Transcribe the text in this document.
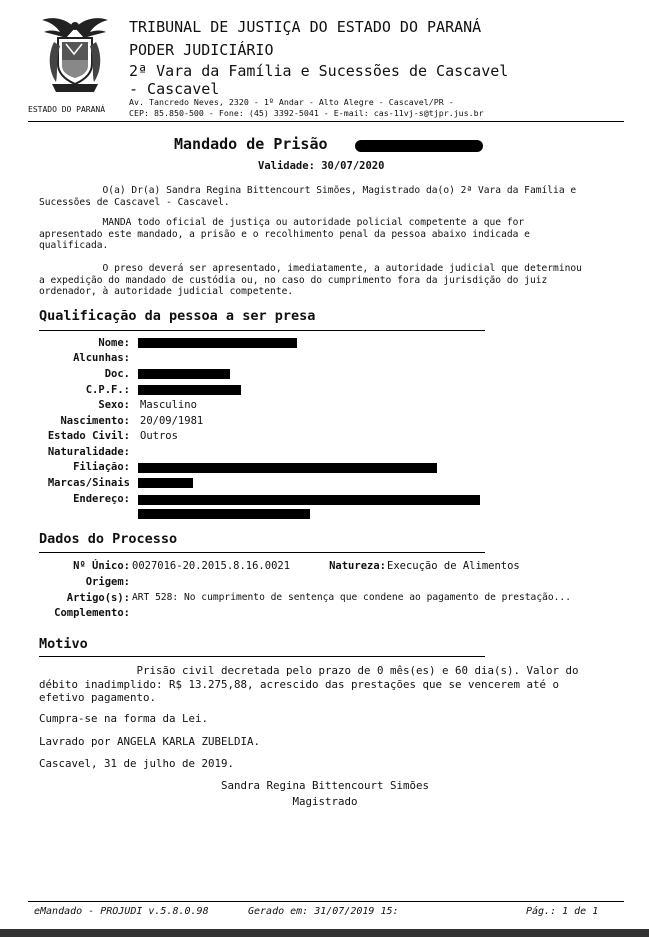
ESTADO DO PARANÁ
TRIBUNAL DE JUSTIÇA DO ESTADO DO PARANÁ
PODER JUDICIÁRIO
2ª Vara da Família e Sucessões de Cascavel
- Cascavel
Av. Tancredo Neves, 2320 - 1º Andar - Alto Alegre - Cascavel/PR -
CEP: 85.850-500 - Fone: (45) 3392-5041 - E-mail: cas-11vj-s@tjpr.jus.br
Mandado de Prisão
Validade: 30/07/2020
O(a) Dr(a) Sandra Regina Bittencourt Simões, Magistrado da(o) 2ª Vara da Família e
Sucessões de Cascavel - Cascavel.
MANDA todo oficial de justiça ou autoridade policial competente a que for
apresentado este mandado, a prisão e o recolhimento penal da pessoa abaixo indicada e
qualificada.
O preso deverá ser apresentado, imediatamente, a autoridade judicial que determinou
a expedição do mandado de custódia ou, no caso do cumprimento fora da jurisdição do juiz
ordenador, à autoridade judicial competente.
Qualificação da pessoa a ser presa
Nome:
Alcunhas:
Doc.
C.P.F.:
Sexo: Masculino
Nascimento: 20/09/1981
Estado Civil: Outros
Naturalidade:
Filiação:
Marcas/Sinais
Endereço:
Dados do Processo
Nº Único: 0027016-20.2015.8.16.0021	Natureza: Execução de Alimentos
Origem:
Artigo(s): ART 528: No cumprimento de sentença que condene ao pagamento de prestação...
Complemento:
Motivo
Prisão civil decretada pelo prazo de 0 mês(es) e 60 dia(s). Valor do
débito inadimplido: R$ 13.275,88, acrescido das prestações que se vencerem até o
efetivo pagamento.
Cumpra-se na forma da Lei.
Lavrado por ANGELA KARLA ZUBELDIA.
Cascavel, 31 de julho de 2019.
Sandra Regina Bittencourt Simões
Magistrado
eMandado - PROJUDI v.5.8.0.98	Gerado em: 31/07/2019 15:	Pág.: 1 de 1
